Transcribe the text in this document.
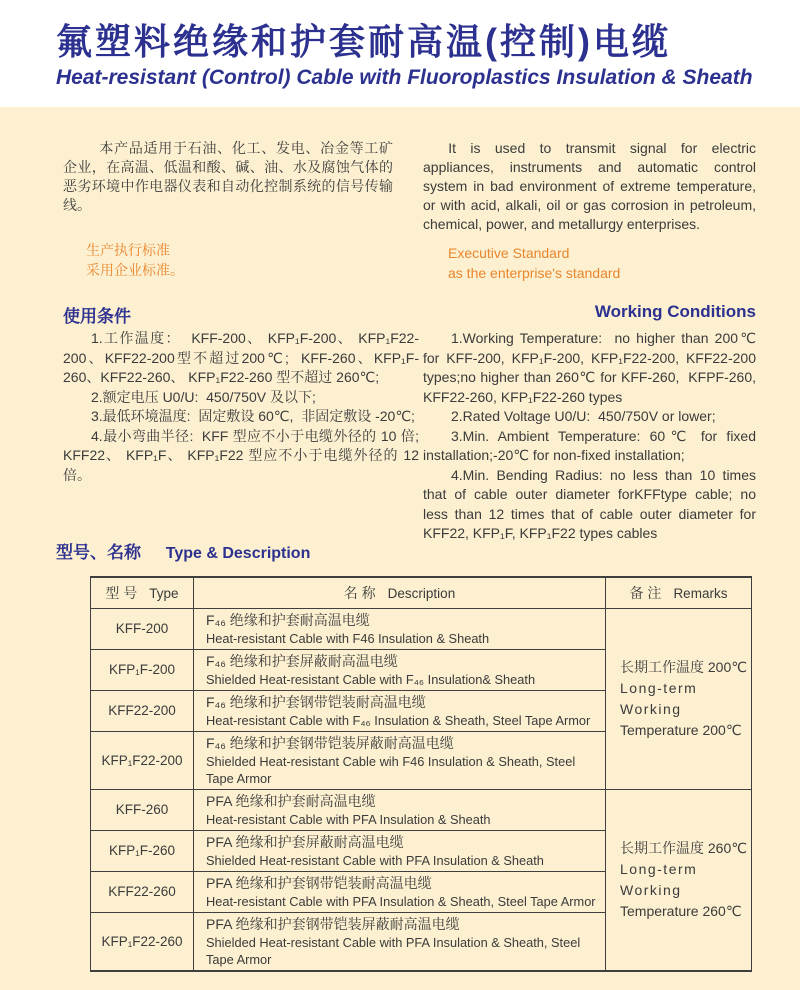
氟塑料绝缘和护套耐高温(控制)电缆

Heat-resistant (Control) Cable with Fluoroplastics Insulation & Sheath

本产品适用于石油、化工、发电、冶金等工矿企业，在高温、低温和酸、碱、油、水及腐蚀气体的恶劣环境中作电器仪表和自动化控制系统的信号传输线。

It is used to transmit signal for electric appliances, instruments and automatic control system in bad environment of extreme temperature, or with acid, alkali, oil or gas corrosion in petroleum, chemical, power, and metallurgy enterprises.

生产执行标准
采用企业标准。
Executive Standard
as the enterprise's standard
使用条件	Working Conditions

1.工作温度：  KFF-200、 KFP₁F-200、 KFP₁F22-200、KFF22-200型不超过200℃;  KFF-260、KFP₁F-260、KFF22-260、 KFP₁F22-260 型不超过 260℃;

2.额定电压 U0/U:  450/750V 及以下;

3.最低环境温度:  固定敷设 60℃,  非固定敷设 -20℃;

4.最小弯曲半径:  KFF 型应不小于电缆外径的 10 倍;  KFF22、 KFP₁F、 KFP₁F22 型应不小于电缆外径的 12 倍。

1.Working Temperature:  no higher than 200℃ for KFF-200, KFP₁F-200, KFP₁F22-200, KFF22-200 types;no higher than 260℃ for KFF-260,  KFPF-260, KFF22-260, KFP₁F22-260 types

2.Rated Voltage U0/U:  450/750V or lower;

3.Min. Ambient Temperature: 60℃ for fixed installation;-20℃ for non-fixed installation;

4.Min. Bending Radius: no less than 10 times that of cable outer diameter forKFFtype cable; no less than 12 times that of cable outer diameter for KFF22, KFP₁F, KFP₁F22 types cables

型号、名称 Type & Description
型 号 Type	名 称 Description	备 注 Remarks
KFF-200	
F₄₆ 绝缘和护套耐高温电缆
Heat-resistant Cable with F46 Insulation & Sheath

长期工作温度 200℃
Long-term Working
Temperature 200℃

KFP₁F-200	F₄₆ 绝缘和护套屏蔽耐高温电缆
Shielded Heat-resistant Cable with F₄₆ Insulation& Sheath	

KFF22-200	F₄₆ 绝缘和护套钢带铠装耐高温电缆
Heat-resistant Cable with F₄₆ Insulation & Sheath, Steel Tape Armor	

KFP₁F22-200	F₄₆ 绝缘和护套钢带铠装屏蔽耐高温电缆
Shielded Heat-resistant Cable wih F46 Insulation & Sheath, Steel Tape Armor	

KFF-260	
PFA 绝缘和护套耐高温电缆
Heat-resistant Cable with PFA Insulation & Sheath

长期工作温度 260℃
Long-term Working
Temperature 260℃

KFP₁F-260	PFA 绝缘和护套屏蔽耐高温电缆
Shielded Heat-resistant Cable with PFA Insulation & Sheath	

KFF22-260	PFA 绝缘和护套钢带铠装耐高温电缆
Heat-resistant Cable with PFA Insulation & Sheath, Steel Tape Armor	

KFP₁F22-260	PFA 绝缘和护套钢带铠装屏蔽耐高温电缆
Shielded Heat-resistant Cable with PFA Insulation & Sheath, Steel Tape Armor	
